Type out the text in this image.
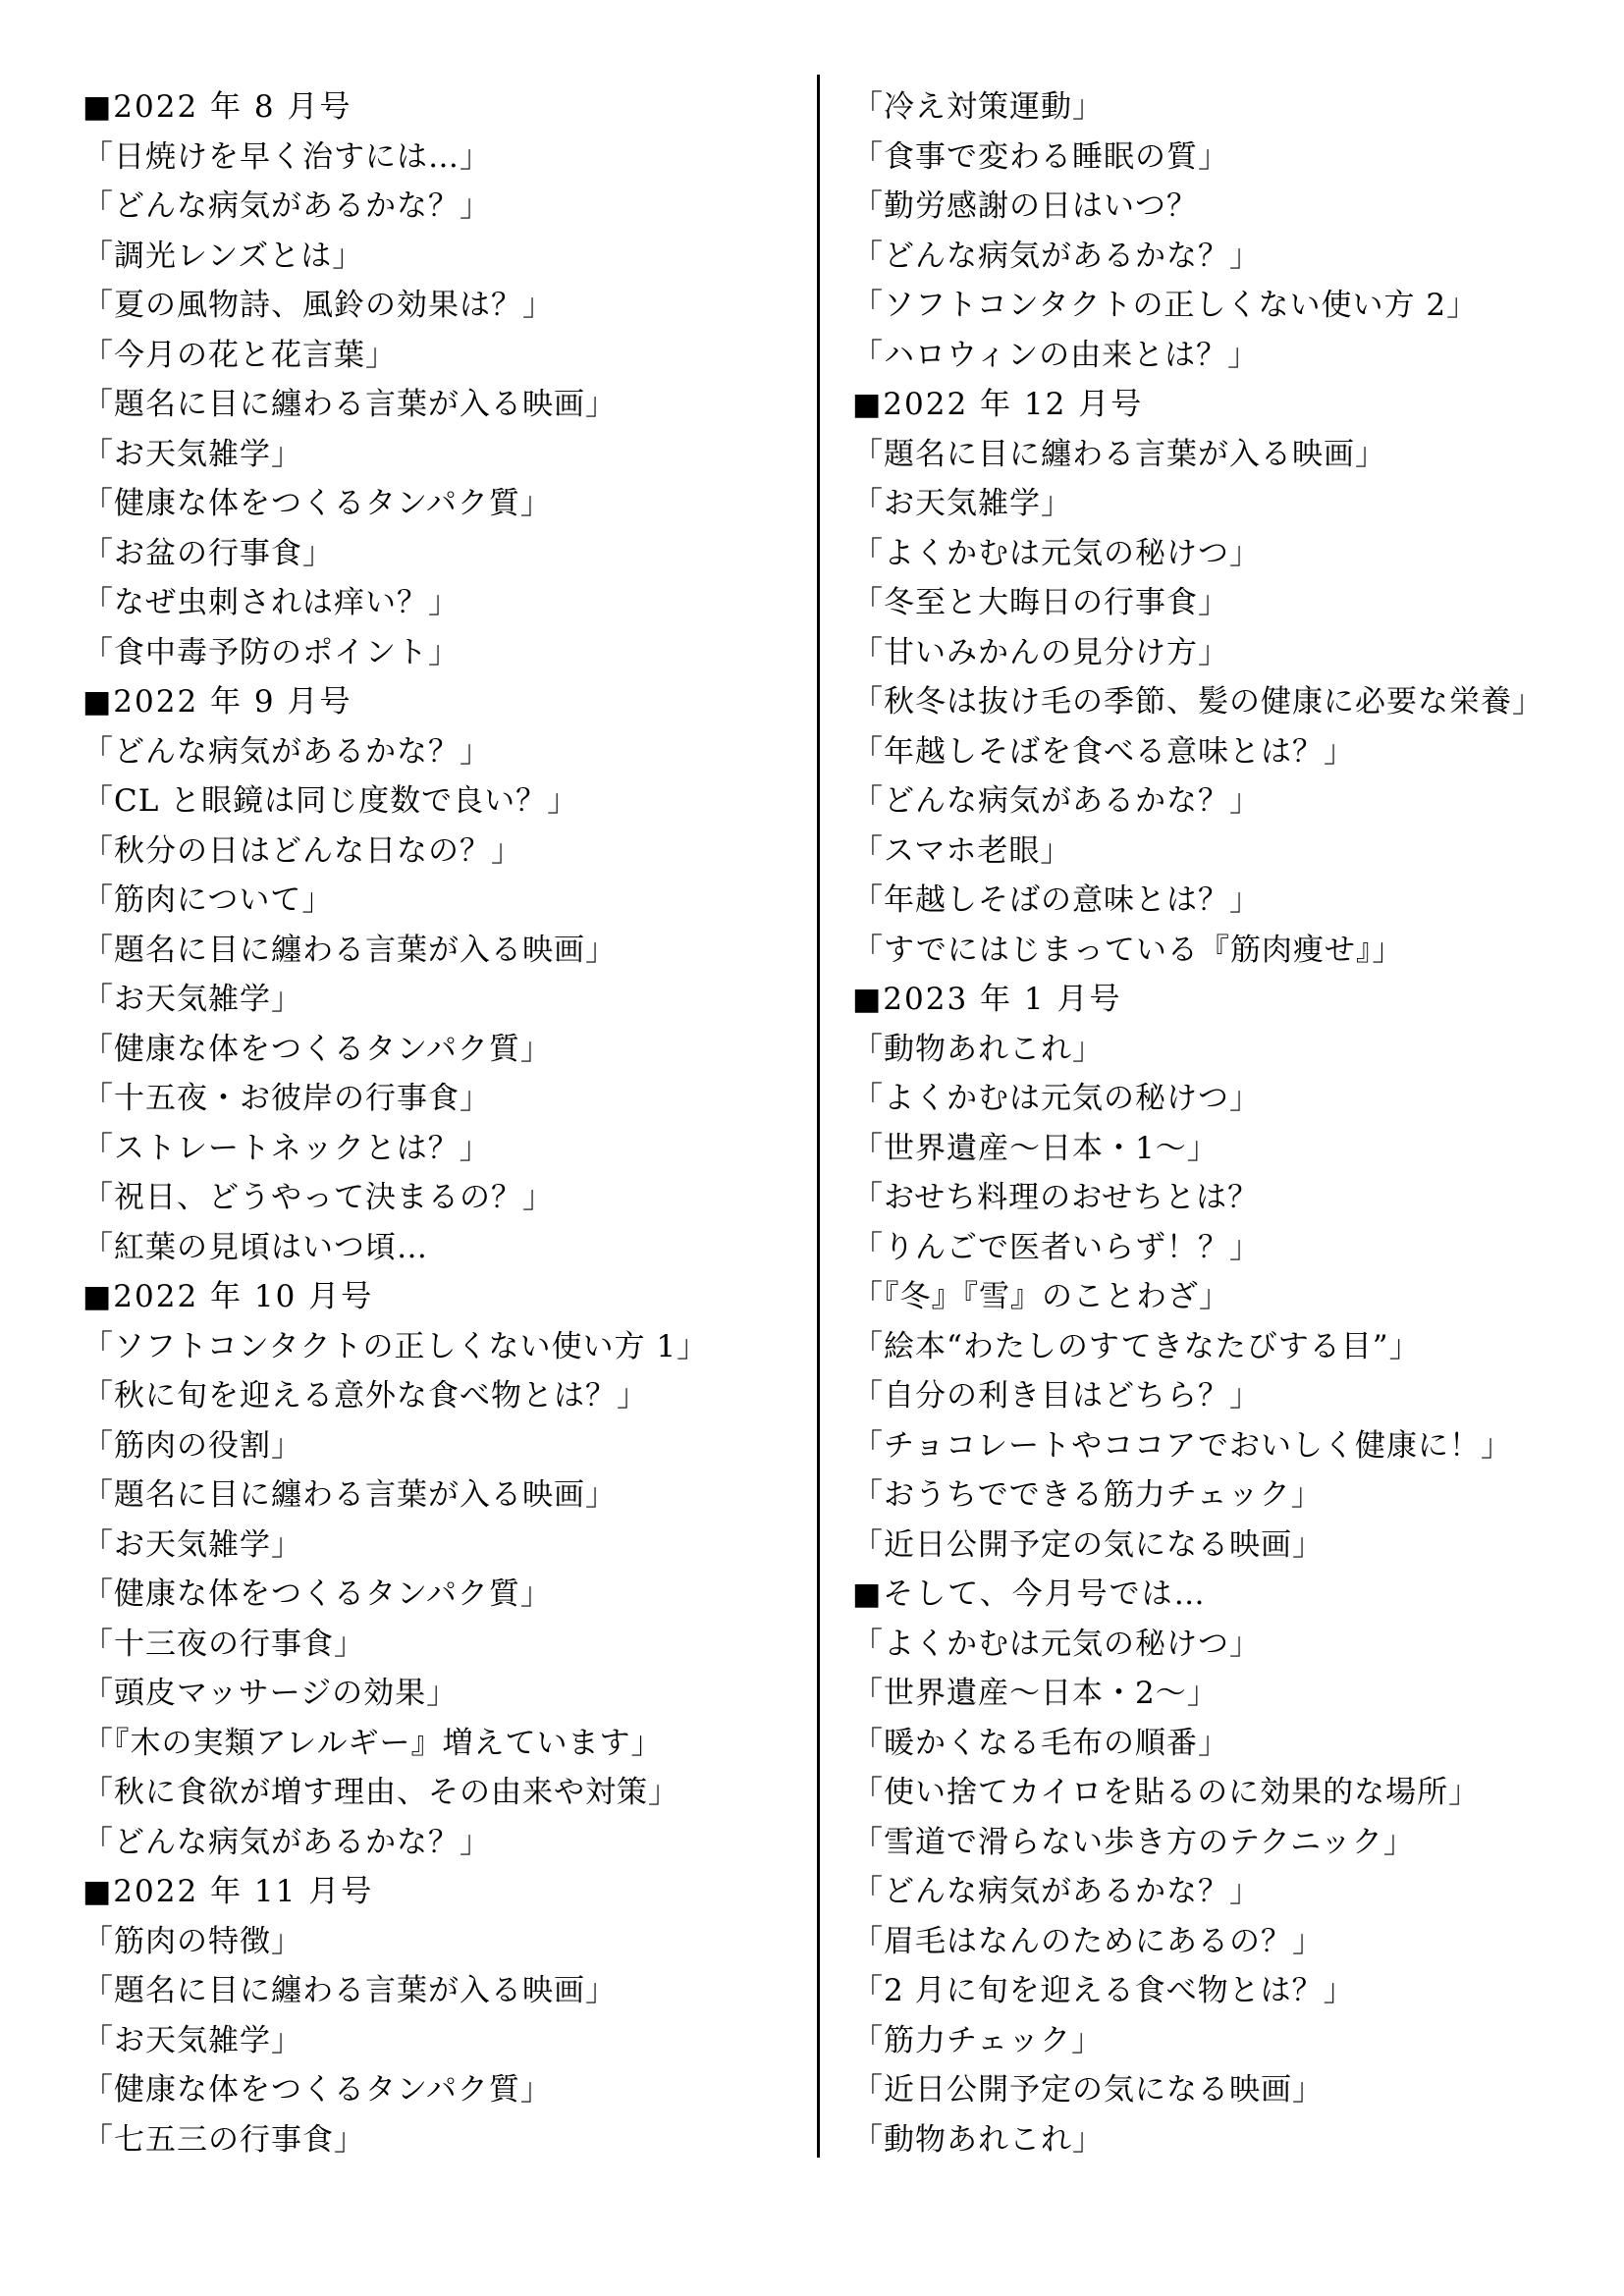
■2022 年 8 月号
「日焼けを早く治すには…」
「どんな病気があるかな？」
「調光レンズとは」
「夏の風物詩、風鈴の効果は？」
「今月の花と花言葉」
「題名に目に纏わる言葉が入る映画」
「お天気雑学」
「健康な体をつくるタンパク質」
「お盆の行事食」
「なぜ虫刺されは痒い？」
「食中毒予防のポイント」
■2022 年 9 月号
「どんな病気があるかな？」
「CL と眼鏡は同じ度数で良い？」
「秋分の日はどんな日なの？」
「筋肉について」
「題名に目に纏わる言葉が入る映画」
「お天気雑学」
「健康な体をつくるタンパク質」
「十五夜・お彼岸の行事食」
「ストレートネックとは？」
「祝日、どうやって決まるの？」
「紅葉の見頃はいつ頃…
■2022 年 10 月号
「ソフトコンタクトの正しくない使い方 1」
「秋に旬を迎える意外な食べ物とは？」
「筋肉の役割」
「題名に目に纏わる言葉が入る映画」
「お天気雑学」
「健康な体をつくるタンパク質」
「十三夜の行事食」
「頭皮マッサージの効果」
「『木の実類アレルギー』増えています」
「秋に食欲が増す理由、その由来や対策」
「どんな病気があるかな？」
■2022 年 11 月号
「筋肉の特徴」
「題名に目に纏わる言葉が入る映画」
「お天気雑学」
「健康な体をつくるタンパク質」
「七五三の行事食」
「冷え対策運動」
「食事で変わる睡眠の質」
「勤労感謝の日はいつ？
「どんな病気があるかな？」
「ソフトコンタクトの正しくない使い方 2」
「ハロウィンの由来とは？」
■2022 年 12 月号
「題名に目に纏わる言葉が入る映画」
「お天気雑学」
「よくかむは元気の秘けつ」
「冬至と大晦日の行事食」
「甘いみかんの見分け方」
「秋冬は抜け毛の季節、髪の健康に必要な栄養」
「年越しそばを食べる意味とは？」
「どんな病気があるかな？」
「スマホ老眼」
「年越しそばの意味とは？」
「すでにはじまっている『筋肉痩せ』」
■2023 年 1 月号
「動物あれこれ」
「よくかむは元気の秘けつ」
「世界遺産～日本・1～」
「おせち料理のおせちとは？
「りんごで医者いらず！？」
「『冬』『雪』のことわざ」
「絵本“わたしのすてきなたびする目”」
「自分の利き目はどちら？」
「チョコレートやココアでおいしく健康に！」
「おうちでできる筋力チェック」
「近日公開予定の気になる映画」
■そして、今月号では…
「よくかむは元気の秘けつ」
「世界遺産～日本・2～」
「暖かくなる毛布の順番」
「使い捨てカイロを貼るのに効果的な場所」
「雪道で滑らない歩き方のテクニック」
「どんな病気があるかな？」
「眉毛はなんのためにあるの？」
「2 月に旬を迎える食べ物とは？」
「筋力チェック」
「近日公開予定の気になる映画」
「動物あれこれ」
